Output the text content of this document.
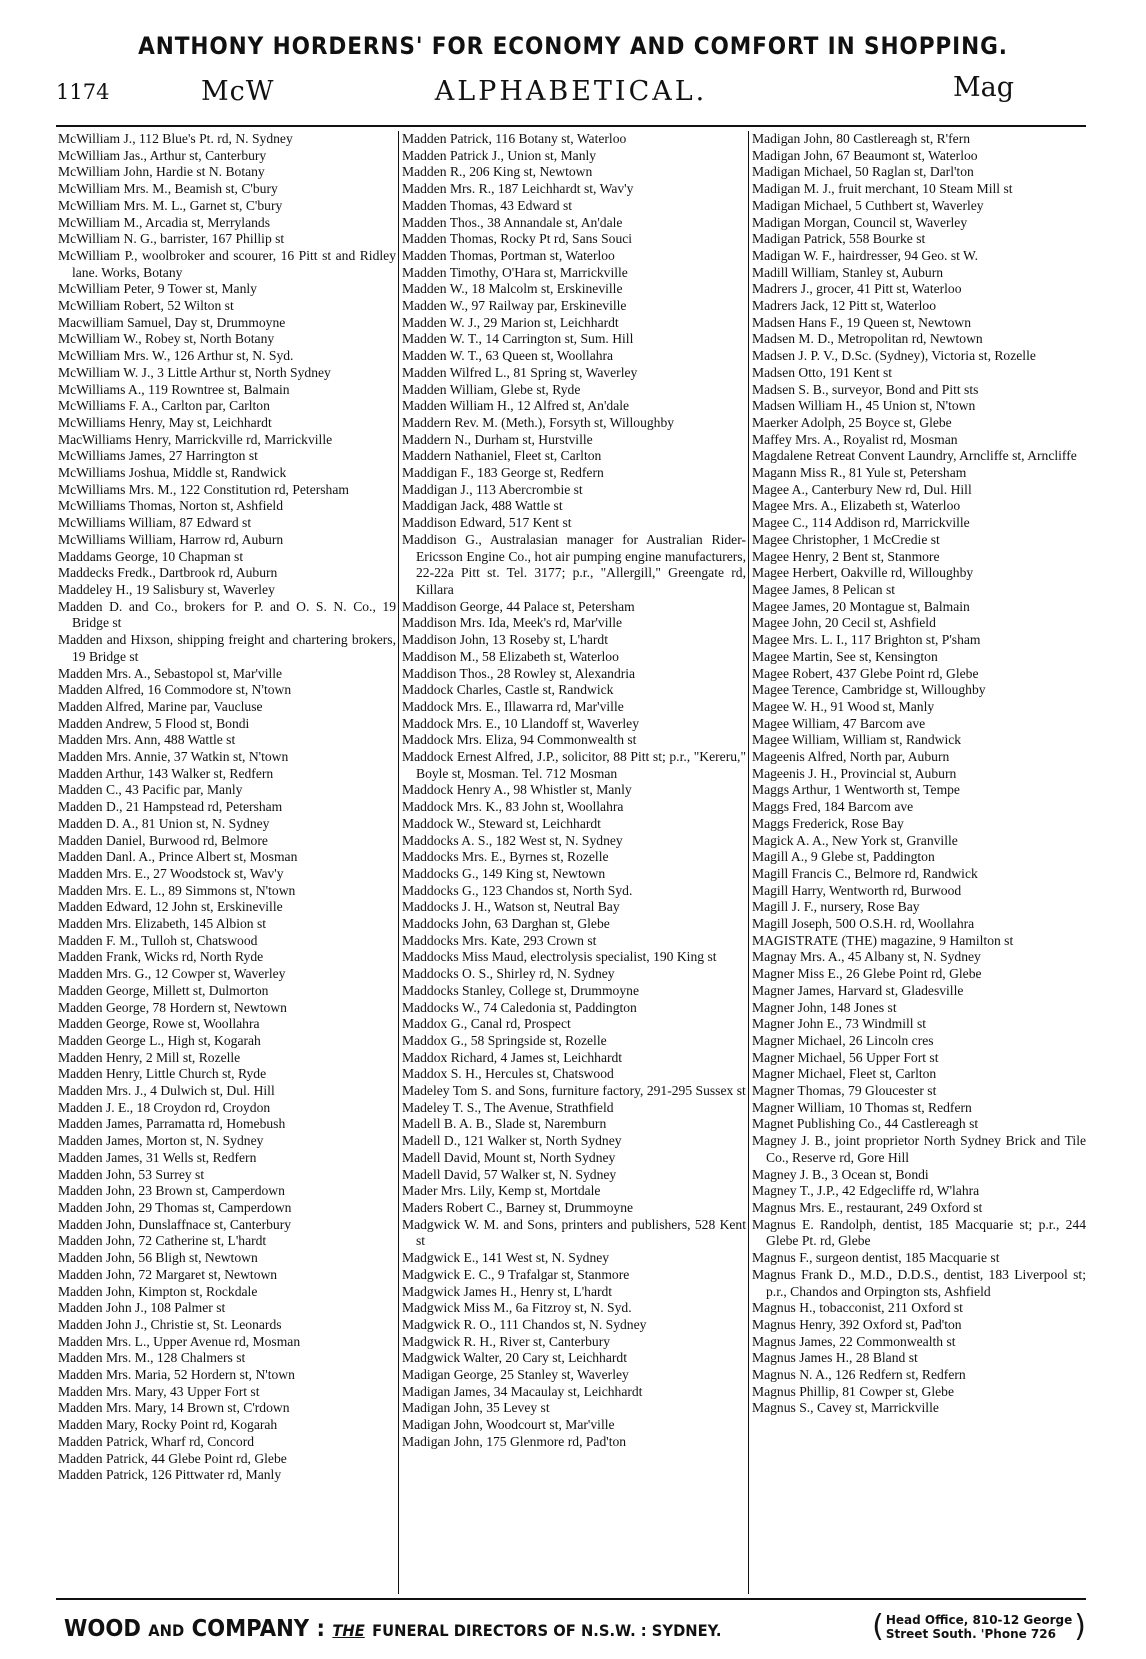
ANTHONY HORDERNS' FOR ECONOMY AND COMFORT IN SHOPPING.
1174	McW	ALPHABETICAL.	Mag

McWilliam J., 112 Blue's Pt. rd, N. Sydney

McWilliam Jas., Arthur st, Canterbury

McWilliam John, Hardie st N. Botany

McWilliam Mrs. M., Beamish st, C'bury

McWilliam Mrs. M. L., Garnet st, C'bury

McWilliam M., Arcadia st, Merrylands

McWilliam N. G., barrister, 167 Phillip st

McWilliam P., woolbroker and scourer, 16 Pitt st and Ridley lane. Works, Botany

McWilliam Peter, 9 Tower st, Manly

McWilliam Robert, 52 Wilton st

Macwilliam Samuel, Day st, Drummoyne

McWilliam W., Robey st, North Botany

McWilliam Mrs. W., 126 Arthur st, N. Syd.

McWilliam W. J., 3 Little Arthur st, North Sydney

McWilliams A., 119 Rowntree st, Balmain

McWilliams F. A., Carlton par, Carlton

McWilliams Henry, May st, Leichhardt

MacWilliams Henry, Marrickville rd, Marrickville

McWilliams James, 27 Harrington st

McWilliams Joshua, Middle st, Randwick

McWilliams Mrs. M., 122 Constitution rd, Petersham

McWilliams Thomas, Norton st, Ashfield

McWilliams William, 87 Edward st

McWilliams William, Harrow rd, Auburn

Maddams George, 10 Chapman st

Maddecks Fredk., Dartbrook rd, Auburn

Maddeley H., 19 Salisbury st, Waverley

Madden D. and Co., brokers for P. and O. S. N. Co., 19 Bridge st

Madden and Hixson, shipping freight and chartering brokers, 19 Bridge st

Madden Mrs. A., Sebastopol st, Mar'ville

Madden Alfred, 16 Commodore st, N'town

Madden Alfred, Marine par, Vaucluse

Madden Andrew, 5 Flood st, Bondi

Madden Mrs. Ann, 488 Wattle st

Madden Mrs. Annie, 37 Watkin st, N'town

Madden Arthur, 143 Walker st, Redfern

Madden C., 43 Pacific par, Manly

Madden D., 21 Hampstead rd, Petersham

Madden D. A., 81 Union st, N. Sydney

Madden Daniel, Burwood rd, Belmore

Madden Danl. A., Prince Albert st, Mosman

Madden Mrs. E., 27 Woodstock st, Wav'y

Madden Mrs. E. L., 89 Simmons st, N'town

Madden Edward, 12 John st, Erskineville

Madden Mrs. Elizabeth, 145 Albion st

Madden F. M., Tulloh st, Chatswood

Madden Frank, Wicks rd, North Ryde

Madden Mrs. G., 12 Cowper st, Waverley

Madden George, Millett st, Dulmorton

Madden George, 78 Hordern st, Newtown

Madden George, Rowe st, Woollahra

Madden George L., High st, Kogarah

Madden Henry, 2 Mill st, Rozelle

Madden Henry, Little Church st, Ryde

Madden Mrs. J., 4 Dulwich st, Dul. Hill

Madden J. E., 18 Croydon rd, Croydon

Madden James, Parramatta rd, Homebush

Madden James, Morton st, N. Sydney

Madden James, 31 Wells st, Redfern

Madden John, 53 Surrey st

Madden John, 23 Brown st, Camperdown

Madden John, 29 Thomas st, Camperdown

Madden John, Dunslaffnace st, Canterbury

Madden John, 72 Catherine st, L'hardt

Madden John, 56 Bligh st, Newtown

Madden John, 72 Margaret st, Newtown

Madden John, Kimpton st, Rockdale

Madden John J., 108 Palmer st

Madden John J., Christie st, St. Leonards

Madden Mrs. L., Upper Avenue rd, Mosman

Madden Mrs. M., 128 Chalmers st

Madden Mrs. Maria, 52 Hordern st, N'town

Madden Mrs. Mary, 43 Upper Fort st

Madden Mrs. Mary, 14 Brown st, C'rdown

Madden Mary, Rocky Point rd, Kogarah

Madden Patrick, Wharf rd, Concord

Madden Patrick, 44 Glebe Point rd, Glebe

Madden Patrick, 126 Pittwater rd, Manly

Madden Patrick, 116 Botany st, Waterloo

Madden Patrick J., Union st, Manly

Madden R., 206 King st, Newtown

Madden Mrs. R., 187 Leichhardt st, Wav'y

Madden Thomas, 43 Edward st

Madden Thos., 38 Annandale st, An'dale

Madden Thomas, Rocky Pt rd, Sans Souci

Madden Thomas, Portman st, Waterloo

Madden Timothy, O'Hara st, Marrickville

Madden W., 18 Malcolm st, Erskineville

Madden W., 97 Railway par, Erskineville

Madden W. J., 29 Marion st, Leichhardt

Madden W. T., 14 Carrington st, Sum. Hill

Madden W. T., 63 Queen st, Woollahra

Madden Wilfred L., 81 Spring st, Waverley

Madden William, Glebe st, Ryde

Madden William H., 12 Alfred st, An'dale

Maddern Rev. M. (Meth.), Forsyth st, Willoughby

Maddern N., Durham st, Hurstville

Maddern Nathaniel, Fleet st, Carlton

Maddigan F., 183 George st, Redfern

Maddigan J., 113 Abercrombie st

Maddigan Jack, 488 Wattle st

Maddison Edward, 517 Kent st

Maddison G., Australasian manager for Australian Rider-Ericsson Engine Co., hot air pumping engine manufacturers, 22-22a Pitt st. Tel. 3177; p.r., "Allergill," Greengate rd, Killara

Maddison George, 44 Palace st, Petersham

Maddison Mrs. Ida, Meek's rd, Mar'ville

Maddison John, 13 Roseby st, L'hardt

Maddison M., 58 Elizabeth st, Waterloo

Maddison Thos., 28 Rowley st, Alexandria

Maddock Charles, Castle st, Randwick

Maddock Mrs. E., Illawarra rd, Mar'ville

Maddock Mrs. E., 10 Llandoff st, Waverley

Maddock Mrs. Eliza, 94 Commonwealth st

Maddock Ernest Alfred, J.P., solicitor, 88 Pitt st; p.r., "Kereru," Boyle st, Mosman. Tel. 712 Mosman

Maddock Henry A., 98 Whistler st, Manly

Maddock Mrs. K., 83 John st, Woollahra

Maddock W., Steward st, Leichhardt

Maddocks A. S., 182 West st, N. Sydney

Maddocks Mrs. E., Byrnes st, Rozelle

Maddocks G., 149 King st, Newtown

Maddocks G., 123 Chandos st, North Syd.

Maddocks J. H., Watson st, Neutral Bay

Maddocks John, 63 Darghan st, Glebe

Maddocks Mrs. Kate, 293 Crown st

Maddocks Miss Maud, electrolysis specialist, 190 King st

Maddocks O. S., Shirley rd, N. Sydney

Maddocks Stanley, College st, Drummoyne

Maddocks W., 74 Caledonia st, Paddington

Maddox G., Canal rd, Prospect

Maddox G., 58 Springside st, Rozelle

Maddox Richard, 4 James st, Leichhardt

Maddox S. H., Hercules st, Chatswood

Madeley Tom S. and Sons, furniture factory, 291-295 Sussex st

Madeley T. S., The Avenue, Strathfield

Madell B. A. B., Slade st, Naremburn

Madell D., 121 Walker st, North Sydney

Madell David, Mount st, North Sydney

Madell David, 57 Walker st, N. Sydney

Mader Mrs. Lily, Kemp st, Mortdale

Maders Robert C., Barney st, Drummoyne

Madgwick W. M. and Sons, printers and publishers, 528 Kent st

Madgwick E., 141 West st, N. Sydney

Madgwick E. C., 9 Trafalgar st, Stanmore

Madgwick James H., Henry st, L'hardt

Madgwick Miss M., 6a Fitzroy st, N. Syd.

Madgwick R. O., 111 Chandos st, N. Sydney

Madgwick R. H., River st, Canterbury

Madgwick Walter, 20 Cary st, Leichhardt

Madigan George, 25 Stanley st, Waverley

Madigan James, 34 Macaulay st, Leichhardt

Madigan John, 35 Levey st

Madigan John, Woodcourt st, Mar'ville

Madigan John, 175 Glenmore rd, Pad'ton

Madigan John, 80 Castlereagh st, R'fern

Madigan John, 67 Beaumont st, Waterloo

Madigan Michael, 50 Raglan st, Darl'ton

Madigan M. J., fruit merchant, 10 Steam Mill st

Madigan Michael, 5 Cuthbert st, Waverley

Madigan Morgan, Council st, Waverley

Madigan Patrick, 558 Bourke st

Madigan W. F., hairdresser, 94 Geo. st W.

Madill William, Stanley st, Auburn

Madrers J., grocer, 41 Pitt st, Waterloo

Madrers Jack, 12 Pitt st, Waterloo

Madsen Hans F., 19 Queen st, Newtown

Madsen M. D., Metropolitan rd, Newtown

Madsen J. P. V., D.Sc. (Sydney), Victoria st, Rozelle

Madsen Otto, 191 Kent st

Madsen S. B., surveyor, Bond and Pitt sts

Madsen William H., 45 Union st, N'town

Maerker Adolph, 25 Boyce st, Glebe

Maffey Mrs. A., Royalist rd, Mosman

Magdalene Retreat Convent Laundry, Arncliffe st, Arncliffe

Magann Miss R., 81 Yule st, Petersham

Magee A., Canterbury New rd, Dul. Hill

Magee Mrs. A., Elizabeth st, Waterloo

Magee C., 114 Addison rd, Marrickville

Magee Christopher, 1 McCredie st

Magee Henry, 2 Bent st, Stanmore

Magee Herbert, Oakville rd, Willoughby

Magee James, 8 Pelican st

Magee James, 20 Montague st, Balmain

Magee John, 20 Cecil st, Ashfield

Magee Mrs. L. I., 117 Brighton st, P'sham

Magee Martin, See st, Kensington

Magee Robert, 437 Glebe Point rd, Glebe

Magee Terence, Cambridge st, Willoughby

Magee W. H., 91 Wood st, Manly

Magee William, 47 Barcom ave

Magee William, William st, Randwick

Mageenis Alfred, North par, Auburn

Mageenis J. H., Provincial st, Auburn

Maggs Arthur, 1 Wentworth st, Tempe

Maggs Fred, 184 Barcom ave

Maggs Frederick, Rose Bay

Magick A. A., New York st, Granville

Magill A., 9 Glebe st, Paddington

Magill Francis C., Belmore rd, Randwick

Magill Harry, Wentworth rd, Burwood

Magill J. F., nursery, Rose Bay

Magill Joseph, 500 O.S.H. rd, Woollahra

MAGISTRATE (THE) magazine, 9 Hamilton st

Magnay Mrs. A., 45 Albany st, N. Sydney

Magner Miss E., 26 Glebe Point rd, Glebe

Magner James, Harvard st, Gladesville

Magner John, 148 Jones st

Magner John E., 73 Windmill st

Magner Michael, 26 Lincoln cres

Magner Michael, 56 Upper Fort st

Magner Michael, Fleet st, Carlton

Magner Thomas, 79 Gloucester st

Magner William, 10 Thomas st, Redfern

Magnet Publishing Co., 44 Castlereagh st

Magney J. B., joint proprietor North Sydney Brick and Tile Co., Reserve rd, Gore Hill

Magney J. B., 3 Ocean st, Bondi

Magney T., J.P., 42 Edgecliffe rd, W'lahra

Magnus Mrs. E., restaurant, 249 Oxford st

Magnus E. Randolph, dentist, 185 Macquarie st; p.r., 244 Glebe Pt. rd, Glebe

Magnus F., surgeon dentist, 185 Macquarie st

Magnus Frank D., M.D., D.D.S., dentist, 183 Liverpool st; p.r., Chandos and Orpington sts, Ashfield

Magnus H., tobacconist, 211 Oxford st

Magnus Henry, 392 Oxford st, Pad'ton

Magnus James, 22 Commonwealth st

Magnus James H., 28 Bland st

Magnus N. A., 126 Redfern st, Redfern

Magnus Phillip, 81 Cowper st, Glebe

Magnus S., Cavey st, Marrickville

WOOD AND COMPANY : THE FUNERAL DIRECTORS OF N.S.W. : SYDNEY.	( Head Office, 810-12 George
Street South. 'Phone 726 )
